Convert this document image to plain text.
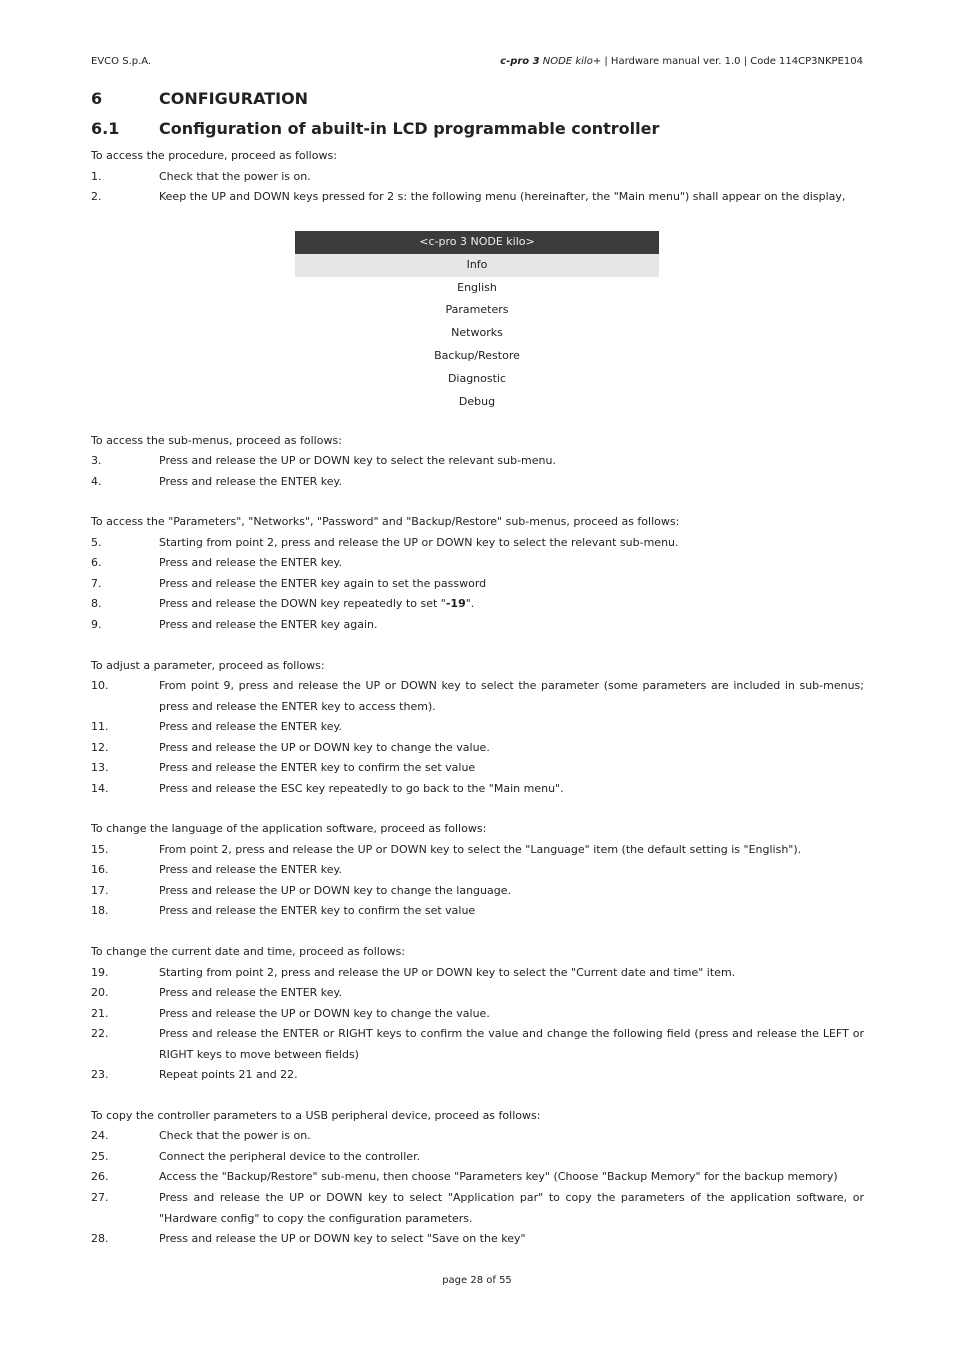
EVCO S.p.A.	c-pro 3 NODE kilo+ | Hardware manual ver. 1.0 | Code 114CP3NKPE104
6	CONFIGURATION
6.1 Configuration of abuilt-in LCD programmable controller
To access the procedure, proceed as follows:
1.	Check that the power is on.
2.	Keep the UP and DOWN keys pressed for 2 s: the following menu (hereinafter, the "Main menu") shall appear on the display,
<c-pro 3 NODE kilo>
Info
English
Parameters
Networks
Backup/Restore
Diagnostic
Debug
To access the sub-menus, proceed as follows:
3.	Press and release the UP or DOWN key to select the relevant sub-menu.
4.	Press and release the ENTER key.
To access the "Parameters", "Networks", "Password" and "Backup/Restore" sub-menus, proceed as follows:
5.	Starting from point 2, press and release the UP or DOWN key to select the relevant sub-menu.
6.	Press and release the ENTER key.
7.	Press and release the ENTER key again to set the password
8.	Press and release the DOWN key repeatedly to set "-19".
9.	Press and release the ENTER key again.
To adjust a parameter, proceed as follows:
10.	From point 9, press and release the UP or DOWN key to select the parameter (some parameters are included in sub-menus; press and release the ENTER key to access them).
11.	Press and release the ENTER key.
12.	Press and release the UP or DOWN key to change the value.
13.	Press and release the ENTER key to confirm the set value
14.	Press and release the ESC key repeatedly to go back to the "Main menu".
To change the language of the application software, proceed as follows:
15.	From point 2, press and release the UP or DOWN key to select the "Language" item (the default setting is "English").
16.	Press and release the ENTER key.
17.	Press and release the UP or DOWN key to change the language.
18.	Press and release the ENTER key to confirm the set value
To change the current date and time, proceed as follows:
19.	Starting from point 2, press and release the UP or DOWN key to select the "Current date and time" item.
20.	Press and release the ENTER key.
21.	Press and release the UP or DOWN key to change the value.
22.	Press and release the ENTER or RIGHT keys to confirm the value and change the following field (press and release the LEFT or RIGHT keys to move between fields)
23.	Repeat points 21 and 22.
To copy the controller parameters to a USB peripheral device, proceed as follows:
24.	Check that the power is on.
25.	Connect the peripheral device to the controller.
26.	Access the "Backup/Restore" sub-menu, then choose "Parameters key" (Choose "Backup Memory" for the backup memory)
27.	Press and release the UP or DOWN key to select "Application par" to copy the parameters of the application software, or "Hardware config" to copy the configuration parameters.
28.	Press and release the UP or DOWN key to select "Save on the key"
page 28 of 55
